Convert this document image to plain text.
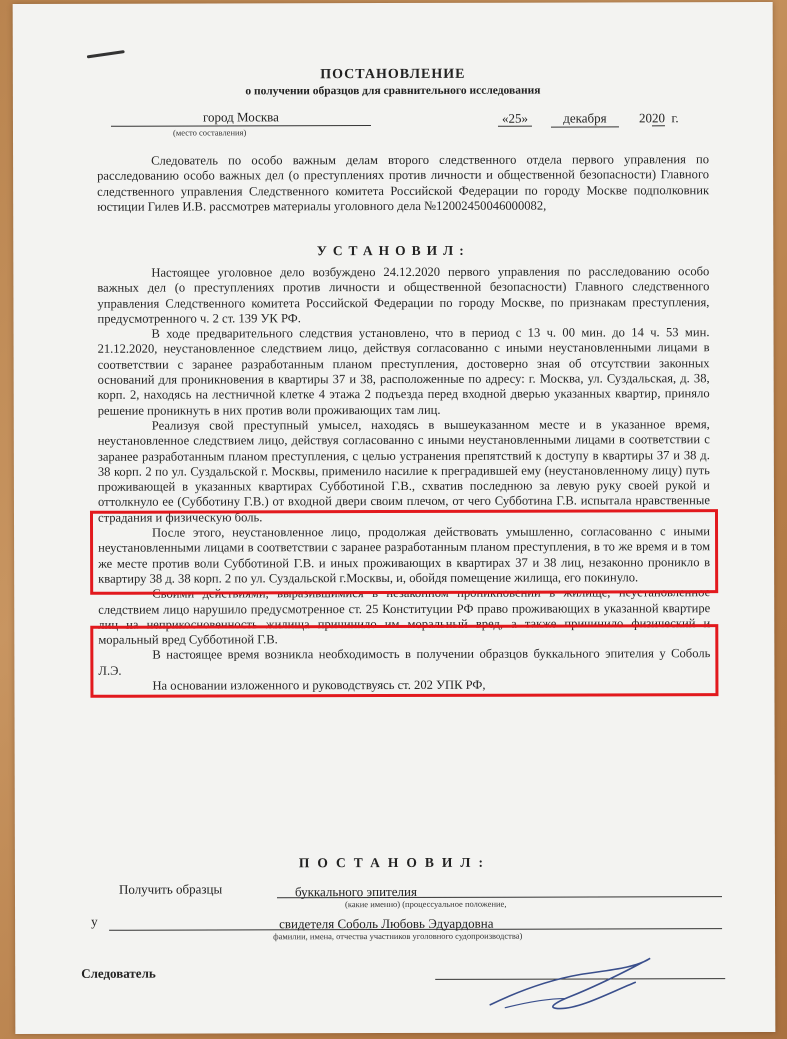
ПОСТАНОВЛЕНИЕ
о получении образцов для сравнительного исследования
город Москва
(место составления)
«25»	декабря	2020 г.

Следователь по особо важным делам второго следственного отдела первого управления по расследованию особо важных дел (о преступлениях против личности и общественной безопасности) Главного следственного управления Следственного комитета Российской Федерации по городу Москве подполковник юстиции Гилев И.В. рассмотрев материалы уголовного дела №12002450046000082,

УСТАНОВИЛ:

Настоящее уголовное дело возбуждено 24.12.2020 первого управления по расследованию особо важных дел (о преступлениях против личности и общественной безопасности) Главного следственного управления Следственного комитета Российской Федерации по городу Москве, по признакам преступления, предусмотренного ч. 2 ст. 139 УК РФ.

В ходе предварительного следствия установлено, что в период с 13 ч. 00 мин. до 14 ч. 53 мин. 21.12.2020, неустановленное следствием лицо, действуя согласованно с иными неустановленными лицами в соответствии с заранее разработанным планом преступления, достоверно зная об отсутствии законных оснований для проникновения в квартиры 37 и 38, расположенные по адресу: г. Москва, ул. Суздальская, д. 38, корп. 2, находясь на лестничной клетке 4 этажа 2 подъезда перед входной дверью указанных квартир, приняло решение проникнуть в них против воли проживающих там лиц.

Реализуя свой преступный умысел, находясь в вышеуказанном месте и в указанное время, неустановленное следствием лицо, действуя согласованно с иными неустановленными лицами в соответствии с заранее разработанным планом преступления, с целью устранения препятствий к доступу в квартиры 37 и 38 д. 38 корп. 2 по ул. Суздальской г. Москвы, применило насилие к преградившей ему (неустановленному лицу) путь проживающей в указанных квартирах Субботиной Г.В., схватив последнюю за левую руку своей рукой и оттолкнуло ее (Субботину Г.В.) от входной двери своим плечом, от чего Субботина Г.В. испытала нравственные страдания и физическую боль.

После этого, неустановленное лицо, продолжая действовать умышленно, согласованно с иными неустановленными лицами в соответствии с заранее разработанным планом преступления, в то же время и в том же месте против воли Субботиной Г.В. и иных проживающих в квартирах 37 и 38 лиц, незаконно проникло в квартиру 38 д. 38 корп. 2 по ул. Суздальской г.Москвы, и, обойдя помещение жилища, его покинуло.

Своими действиями, выразившимися в незаконном проникновении в жилище, неустановленное следствием лицо нарушило предусмотренное ст. 25 Конституции РФ право проживающих в указанной квартире лиц на неприкосновенность жилища причинило им моральный вред, а также причинило физический и моральный вред Субботиной Г.В.

В настоящее время возникла необходимость в получении образцов буккального эпителия у Соболь Л.Э.

На основании изложенного и руководствуясь ст. 202 УПК РФ,

ПОСТАНОВИЛ:
Получить образцы	буккального эпителия
(какие именно) (процессуальное положение,
у	свидетеля Соболь Любовь Эдуардовна
фамилии, имена, отчества участников уголовного судопроизводства)
Следователь
